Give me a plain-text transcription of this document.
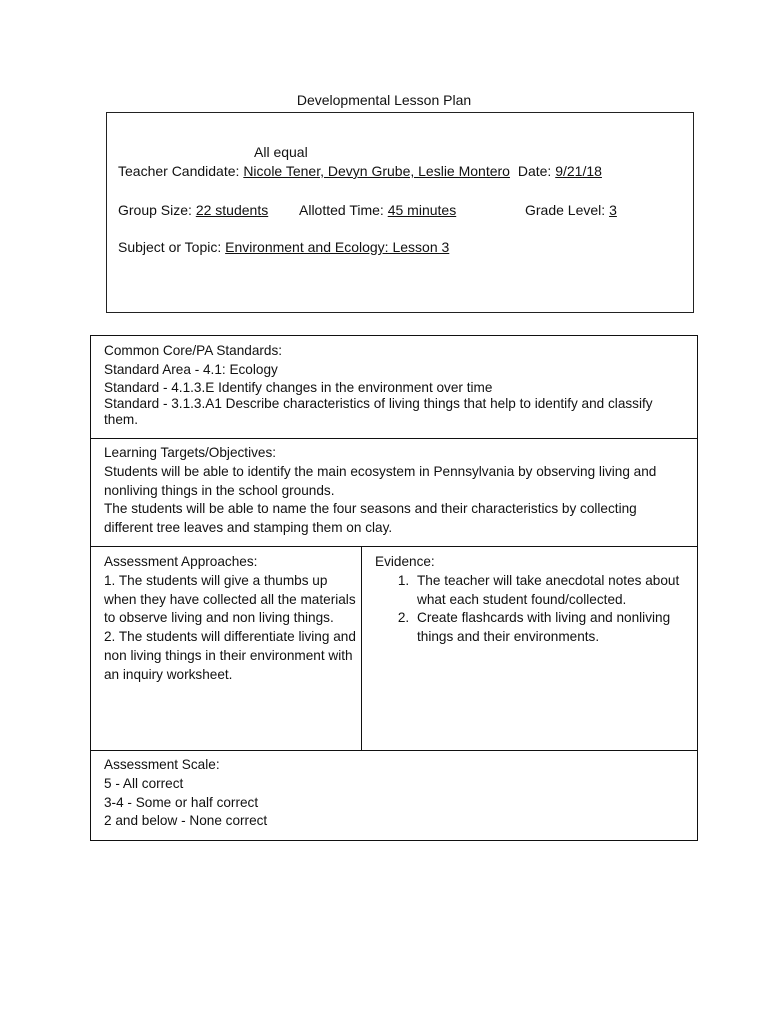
Developmental Lesson Plan
All equal
Teacher Candidate: Nicole Tener, Devyn Grube, Leslie Montero Date: 9/21/18
Group Size: 22 students Allotted Time: 45 minutes	Grade Level: 3
Subject or Topic: Environment and Ecology: Lesson 3

Common Core/PA Standards:

Standard Area - 4.1: Ecology

Standard - 4.1.3.E Identify changes in the environment over time

Standard - 3.1.3.A1 Describe characteristics of living things that help to identify and classify them.

Learning Targets/Objectives:

Students will be able to identify the main ecosystem in Pennsylvania by observing living and nonliving things in the school grounds.

The students will be able to name the four seasons and their characteristics by collecting different tree leaves and stamping them on clay.

Assessment Approaches:

1. The students will give a thumbs up when they have collected all the materials to observe living and non living things.

2. The students will differentiate living and non living things in their environment with an inquiry worksheet.

Evidence:

1. The teacher will take anecdotal notes about what each student found/collected.
2. Create flashcards with living and nonliving things and their environments.

Assessment Scale:

5 - All correct

3-4 - Some or half correct

2 and below - None correct
